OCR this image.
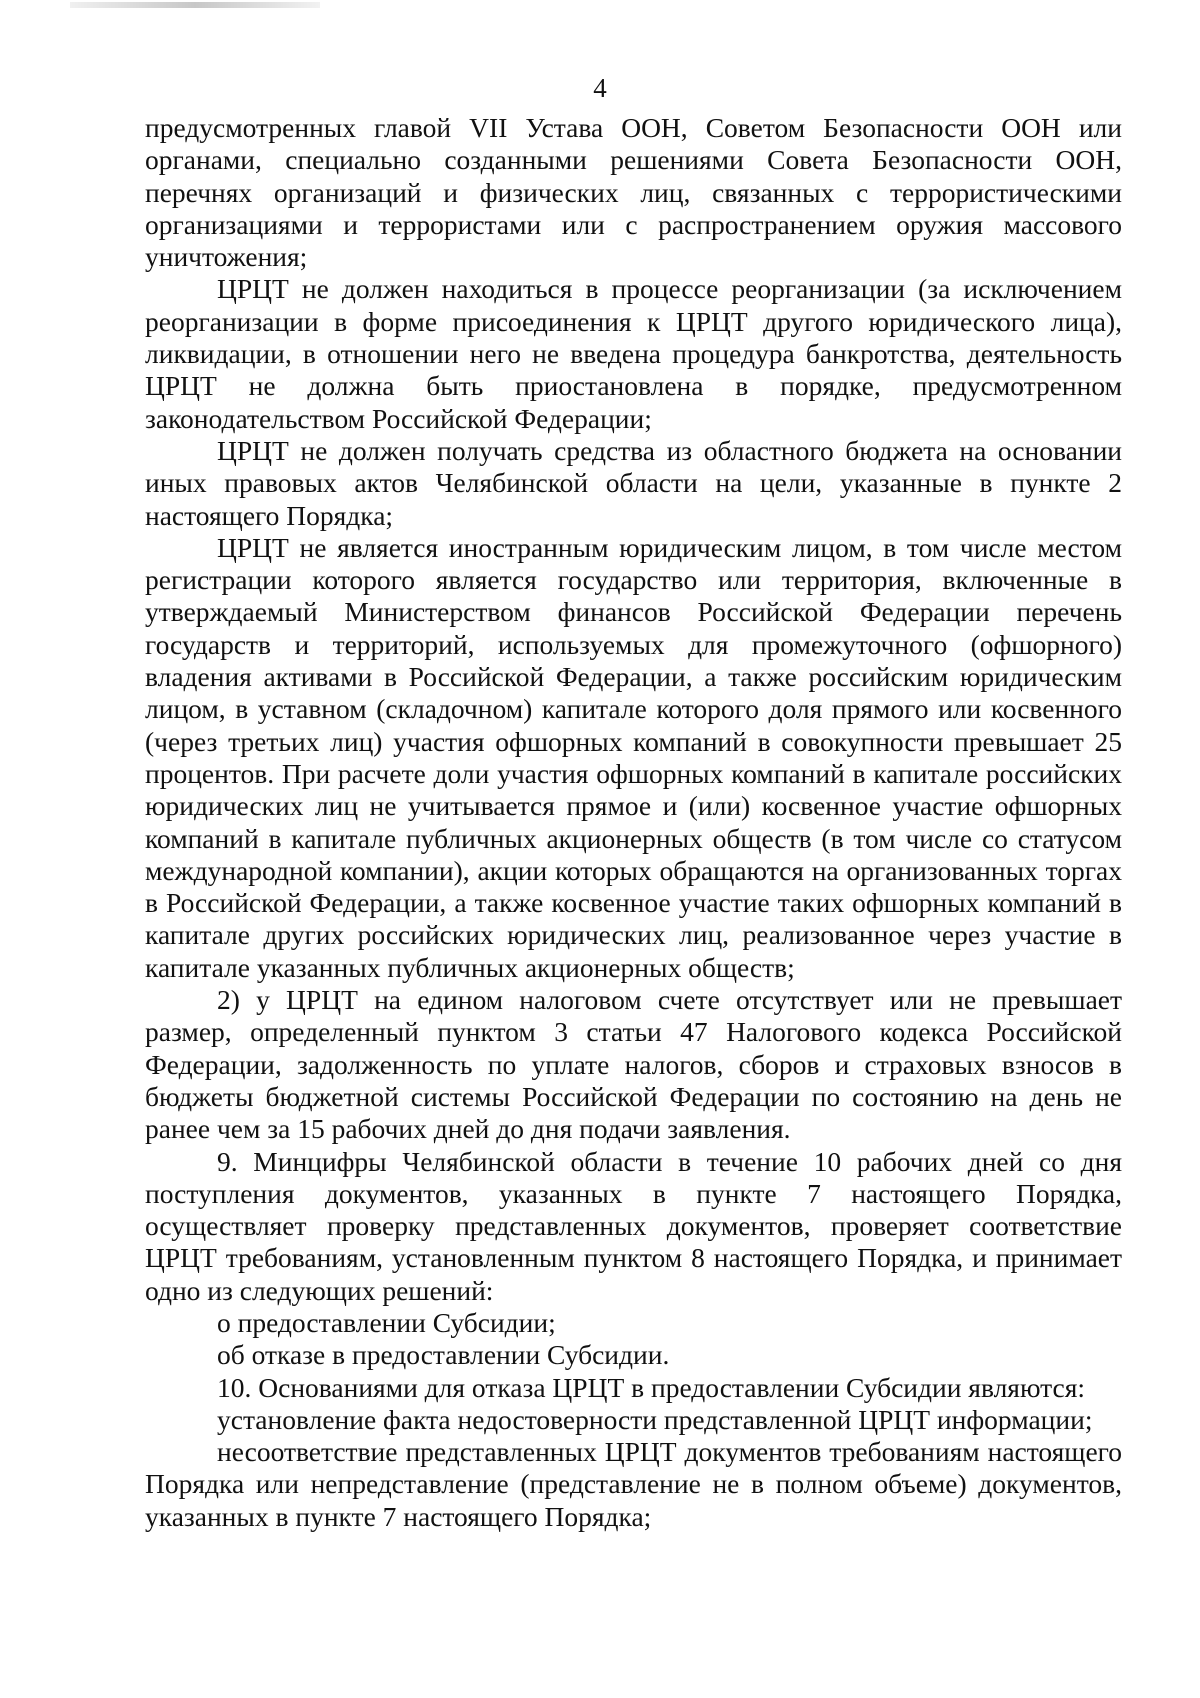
4

предусмотренных главой VII Устава ООН, Советом Безопасности ООН или органами, специально созданными решениями Совета Безопасности ООН, перечнях организаций и физических лиц, связанных с террористическими организациями и террористами или с распространением оружия массового уничтожения;

ЦРЦТ не должен находиться в процессе реорганизации (за исключением реорганизации в форме присоединения к ЦРЦТ другого юридического лица), ликвидации, в отношении него не введена процедура банкротства, деятельность ЦРЦТ не должна быть приостановлена в порядке, предусмотренном законодательством Российской Федерации;

ЦРЦТ не должен получать средства из областного бюджета на основании иных правовых актов Челябинской области на цели, указанные в пункте 2 настоящего Порядка;

ЦРЦТ не является иностранным юридическим лицом, в том числе местом регистрации которого является государство или территория, включенные в утверждаемый Министерством финансов Российской Федерации перечень государств и территорий, используемых для промежуточного (офшорного) владения активами в Российской Федерации, а также российским юридическим лицом, в уставном (складочном) капитале которого доля прямого или косвенного (через третьих лиц) участия офшорных компаний в совокупности превышает 25 процентов. При расчете доли участия офшорных компаний в капитале российских юридических лиц не учитывается прямое и (или) косвенное участие офшорных компаний в капитале публичных акционерных обществ (в том числе со статусом международной компании), акции которых обращаются на организованных торгах в Российской Федерации, а также косвенное участие таких офшорных компаний в капитале других российских юридических лиц, реализованное через участие в капитале указанных публичных акционерных обществ;

2) у ЦРЦТ на едином налоговом счете отсутствует или не превышает размер, определенный пунктом 3 статьи 47 Налогового кодекса Российской Федерации, задолженность по уплате налогов, сборов и страховых взносов в бюджеты бюджетной системы Российской Федерации по состоянию на день не ранее чем за 15 рабочих дней до дня подачи заявления.

9. Минцифры Челябинской области в течение 10 рабочих дней со дня поступления документов, указанных в пункте 7 настоящего Порядка, осуществляет проверку представленных документов, проверяет соответствие ЦРЦТ требованиям, установленным пунктом 8 настоящего Порядка, и принимает одно из следующих решений:

о предоставлении Субсидии;

об отказе в предоставлении Субсидии.

10. Основаниями для отказа ЦРЦТ в предоставлении Субсидии являются:

установление факта недостоверности представленной ЦРЦТ информации;

несоответствие представленных ЦРЦТ документов требованиям настоящего Порядка или непредставление (представление не в полном объеме) документов, указанных в пункте 7 настоящего Порядка;
